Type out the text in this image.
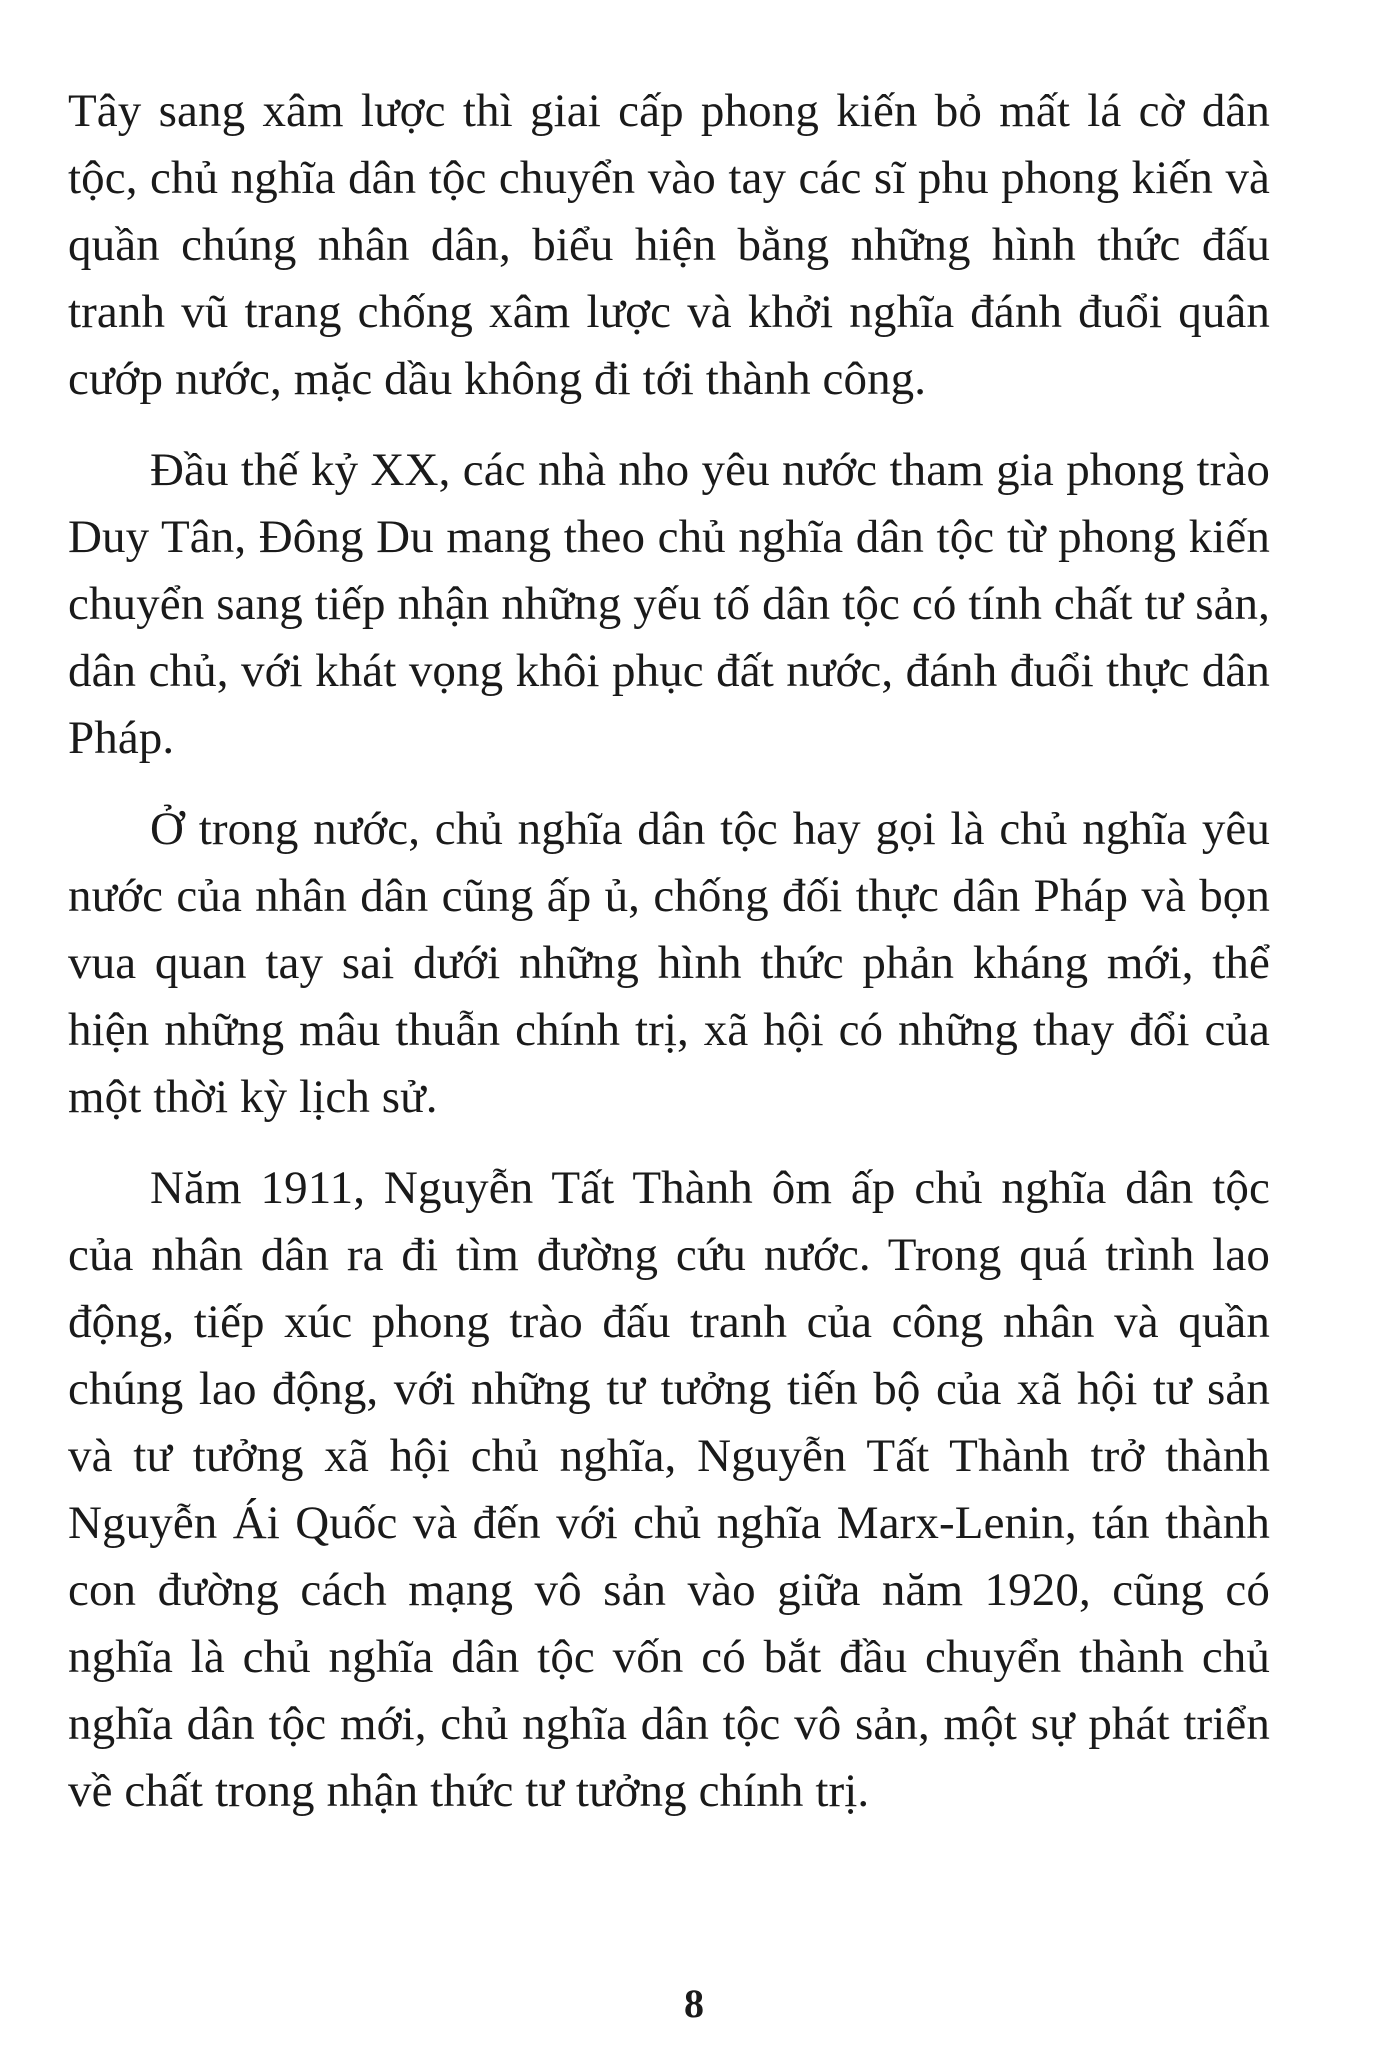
Tây sang xâm lược thì giai cấp phong kiến bỏ mất lá cờ dân tộc, chủ nghĩa dân tộc chuyển vào tay các sĩ phu phong kiến và quần chúng nhân dân, biểu hiện bằng những hình thức đấu tranh vũ trang chống xâm lược và khởi nghĩa đánh đuổi quân cướp nước, mặc dầu không đi tới thành công.

Đầu thế kỷ XX, các nhà nho yêu nước tham gia phong trào Duy Tân, Đông Du mang theo chủ nghĩa dân tộc từ phong kiến chuyển sang tiếp nhận những yếu tố dân tộc có tính chất tư sản, dân chủ, với khát vọng khôi phục đất nước, đánh đuổi thực dân Pháp.

Ở trong nước, chủ nghĩa dân tộc hay gọi là chủ nghĩa yêu nước của nhân dân cũng ấp ủ, chống đối thực dân Pháp và bọn vua quan tay sai dưới những hình thức phản kháng mới, thể hiện những mâu thuẫn chính trị, xã hội có những thay đổi của một thời kỳ lịch sử.

Năm 1911, Nguyễn Tất Thành ôm ấp chủ nghĩa dân tộc của nhân dân ra đi tìm đường cứu nước. Trong quá trình lao động, tiếp xúc phong trào đấu tranh của công nhân và quần chúng lao động, với những tư tưởng tiến bộ của xã hội tư sản và tư tưởng xã hội chủ nghĩa, Nguyễn Tất Thành trở thành Nguyễn Ái Quốc và đến với chủ nghĩa Marx-Lenin, tán thành con đường cách mạng vô sản vào giữa năm 1920, cũng có nghĩa là chủ nghĩa dân tộc vốn có bắt đầu chuyển thành chủ nghĩa dân tộc mới, chủ nghĩa dân tộc vô sản, một sự phát triển về chất trong nhận thức tư tưởng chính trị.

8
